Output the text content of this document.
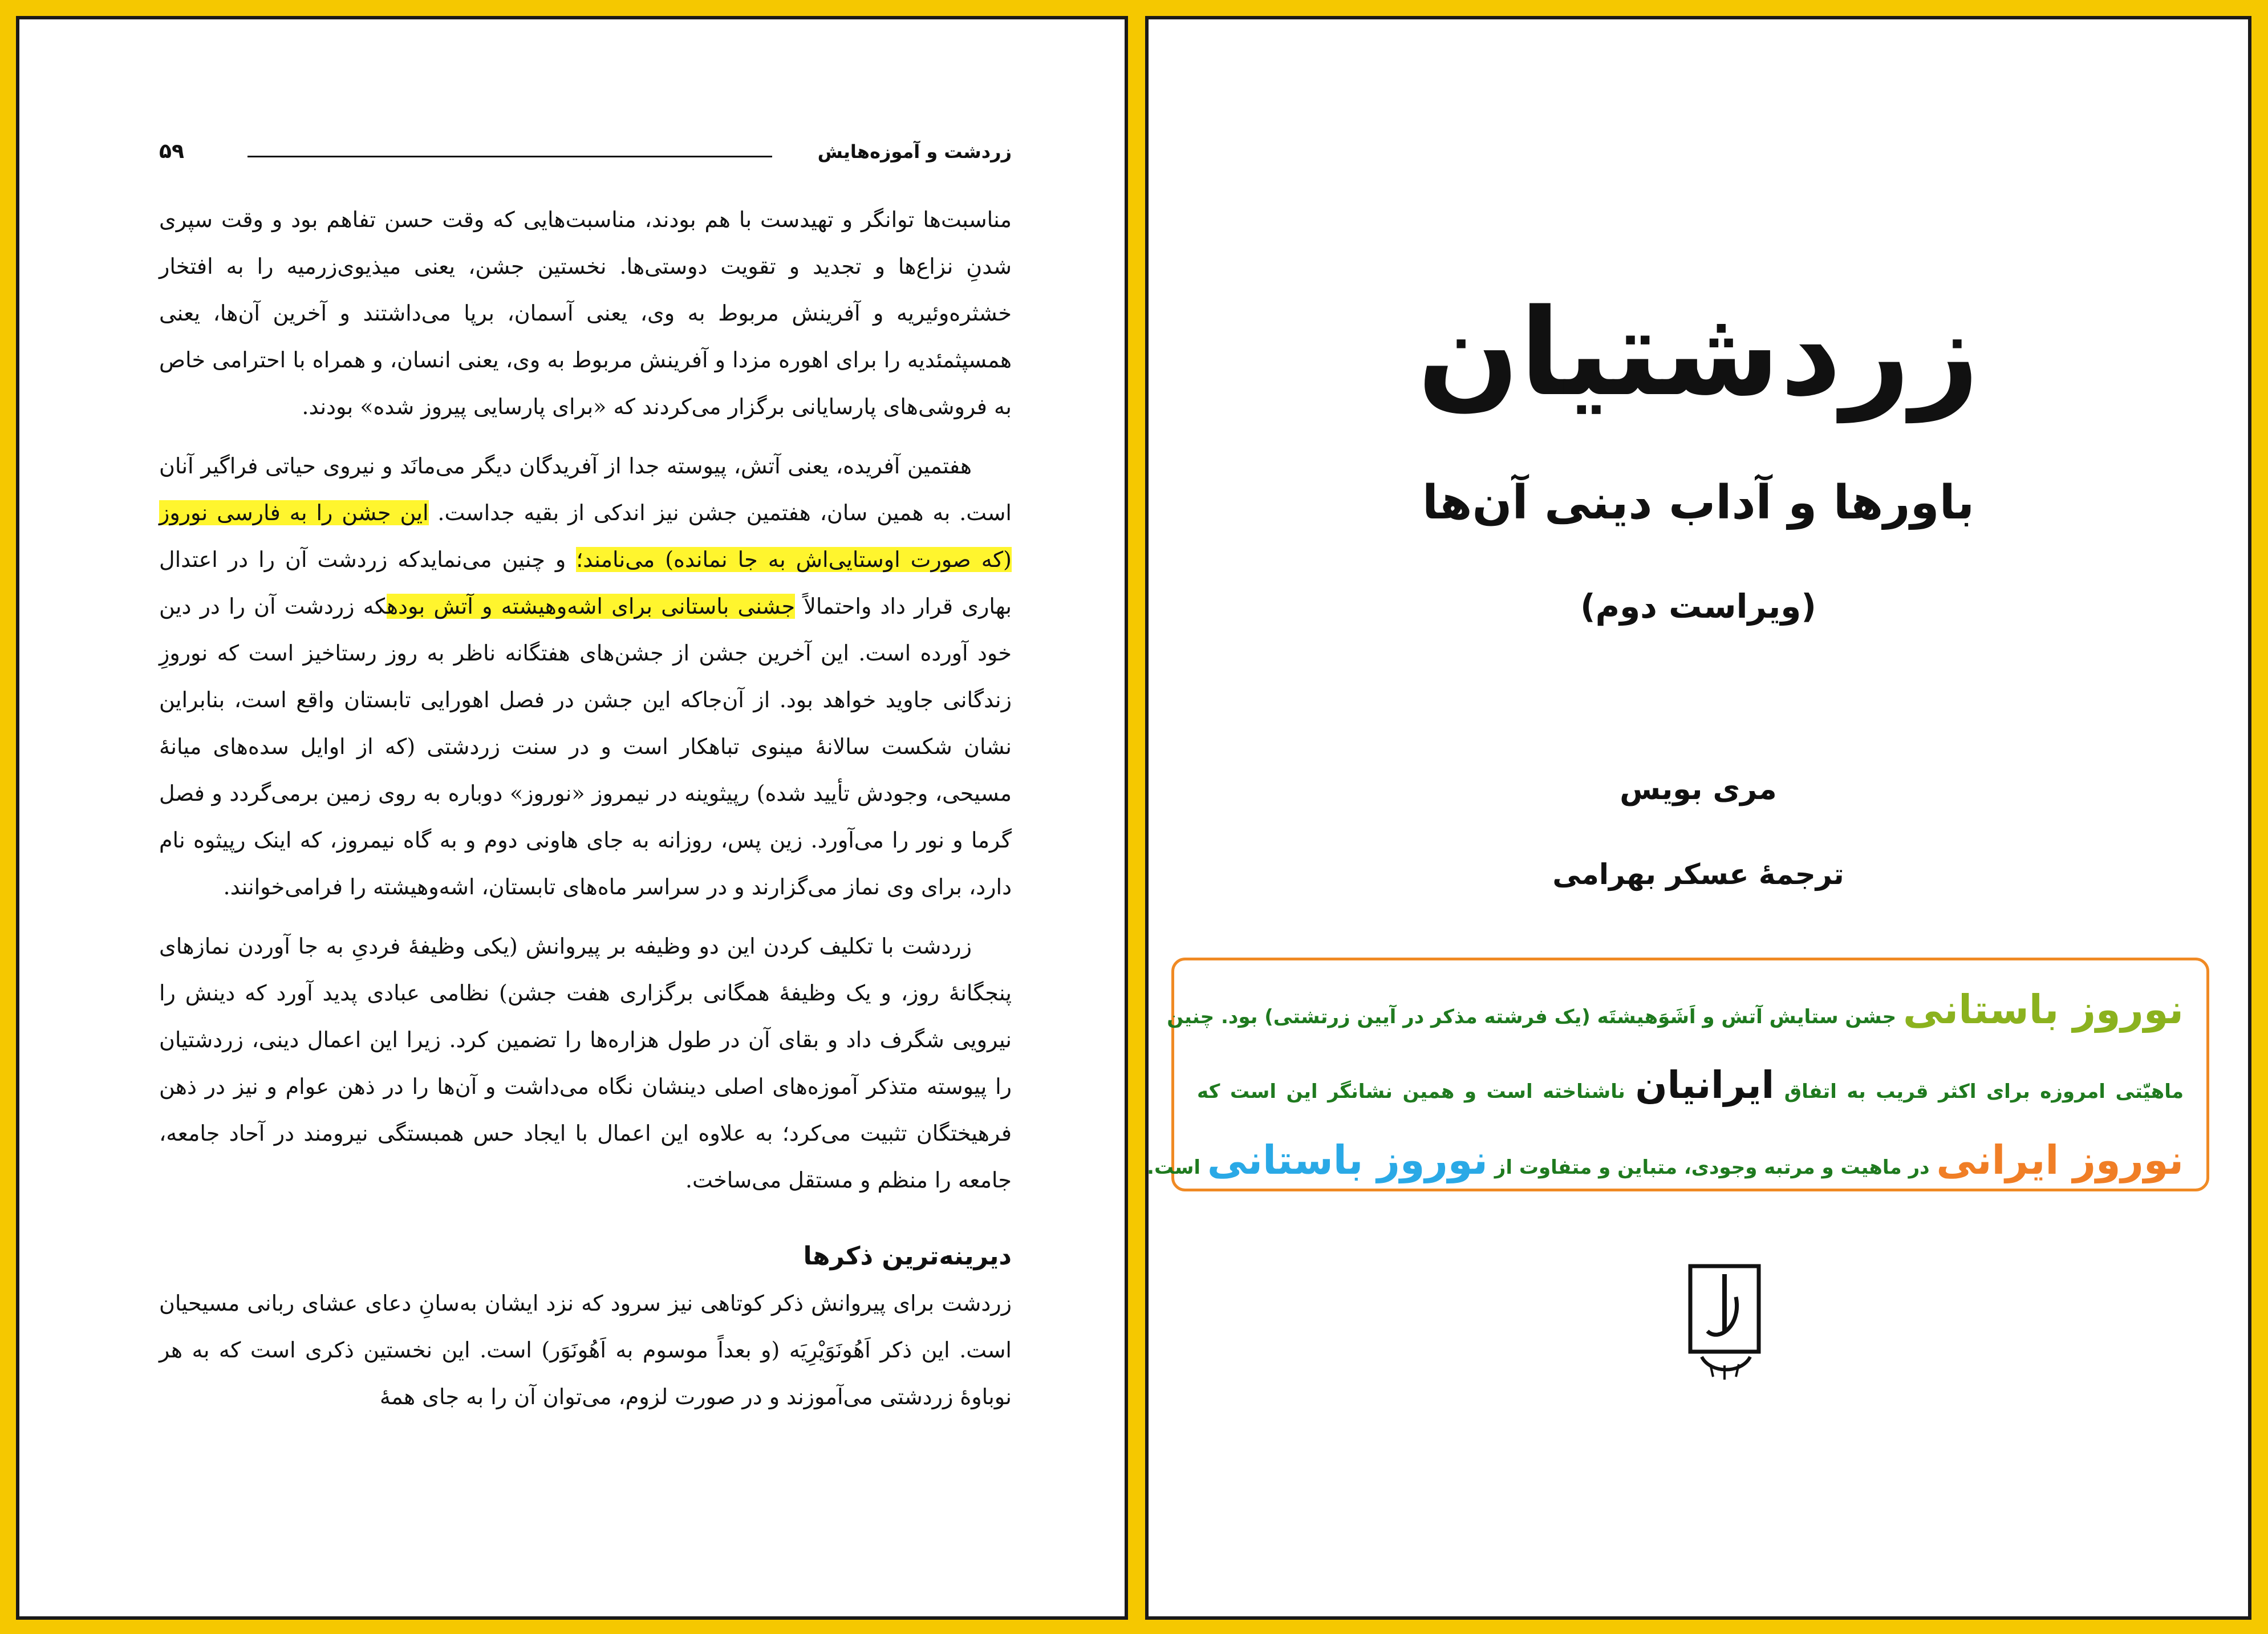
زردشت و آموزه‌هایش
۵۹

مناسبت‌ها توانگر و تهیدست با هم بودند، مناسبت‌هایی که وقت حسن تفاهم بود و وقت سپری شدنِ نزاع‌ها و تجدید و تقویت دوستی‌ها. نخستین جشن، یعنی میذیوی‌زرمیه را به افتخار خشثره‌وئیریه و آفرینش مربوط به وی، یعنی آسمان، برپا می‌داشتند و آخرین آن‌ها، یعنی همسپثمئدیه را برای اهوره مزدا و آفرینش مربوط به وی، یعنی انسان، و همراه با احترامی خاص به فروشی‌های پارسایانی برگزار می‌کردند که «برای پارسایی پیروز شده» بودند.

هفتمین آفریده، یعنی آتش، پیوسته جدا از آفریدگان دیگر می‌مانَد و نیروی حیاتی فراگیر آنان است. به همین سان، هفتمین جشن نیز اندکی از بقیه جداست. این جشن را به فارسی نوروز (که صورت اوستایی‌اش به جا نمانده) می‌نامند؛ و چنین می‌نمایدکه زردشت آن را در اعتدال بهاری قرار داد واحتمالاً جشنی باستانی برای اشه‌وهیشته و آتش بودهکه زردشت آن را در دین خود آورده است. این آخرین جشن از جشن‌های هفتگانه ناظر به روز رستاخیز است که نوروزِ زندگانی جاوید خواهد بود. از آن‌جاکه این جشن در فصل اهورایی تابستان واقع است، بنابراین نشان شکست سالانهٔ مینوی تباهکار است و در سنت زردشتی (که از اوایل سده‌های میانهٔ مسیحی، وجودش تأیید شده) رپیثوینه در نیمروز «نوروز» دوباره به روی زمین برمی‌گردد و فصل گرما و نور را می‌آورد. زین پس، روزانه به جای هاونی دوم و به گاه نیمروز، که اینک رپیثوه نام دارد، برای وی نماز می‌گزارند و در سراسر ماه‌های تابستان، اشه‌وهیشته را فرامی‌خوانند.

زردشت با تکلیف کردن این دو وظیفه بر پیروانش (یکی وظیفهٔ فردیِ به جا آوردن نمازهای پنجگانهٔ روز، و یک وظیفهٔ همگانی برگزاری هفت جشن) نظامی عبادی پدید آورد که دینش را نیرویی شگرف داد و بقای آن در طول هزاره‌ها را تضمین کرد. زیرا این اعمال دینی، زردشتیان را پیوسته متذکر آموزه‌های اصلی دینشان نگاه می‌داشت و آن‌ها را در ذهن عوام و نیز در ذهن فرهیختگان تثبیت می‌کرد؛ به علاوه این اعمال با ایجاد حس همبستگی نیرومند در آحاد جامعه، جامعه را منظم و مستقل می‌ساخت.

دیرینه‌ترین ذکرها

زردشت برای پیروانش ذکر کوتاهی نیز سرود که نزد ایشان به‌سانِ دعای عشای ربانی مسیحیان است. این ذکر اَهُونَوَیْرِیَه (و بعداً موسوم به اَهُونَوَر) است. این نخستین ذکری است که به هر نوباوهٔ زردشتی می‌آموزند و در صورت لزوم، می‌توان آن را به جای همهٔ

زردشتیان
باورها و آداب دینی آن‌ها
(ویراست دوم)
مری بویس
ترجمهٔ عسکر بهرامی
نوروز باستانی جشن ستایش آتش و اَشَوَهیشتَه (یک فرشته مذکر در آیین زرتشتی) بود. چنین
ماهیّتی امروزه برای اکثر قریب به اتفاق ایرانیان ناشناخته است و همین نشانگر این است که
نوروز ایرانی در ماهیت و مرتبه وجودی، متباین و متفاوت از نوروز باستانی است.
